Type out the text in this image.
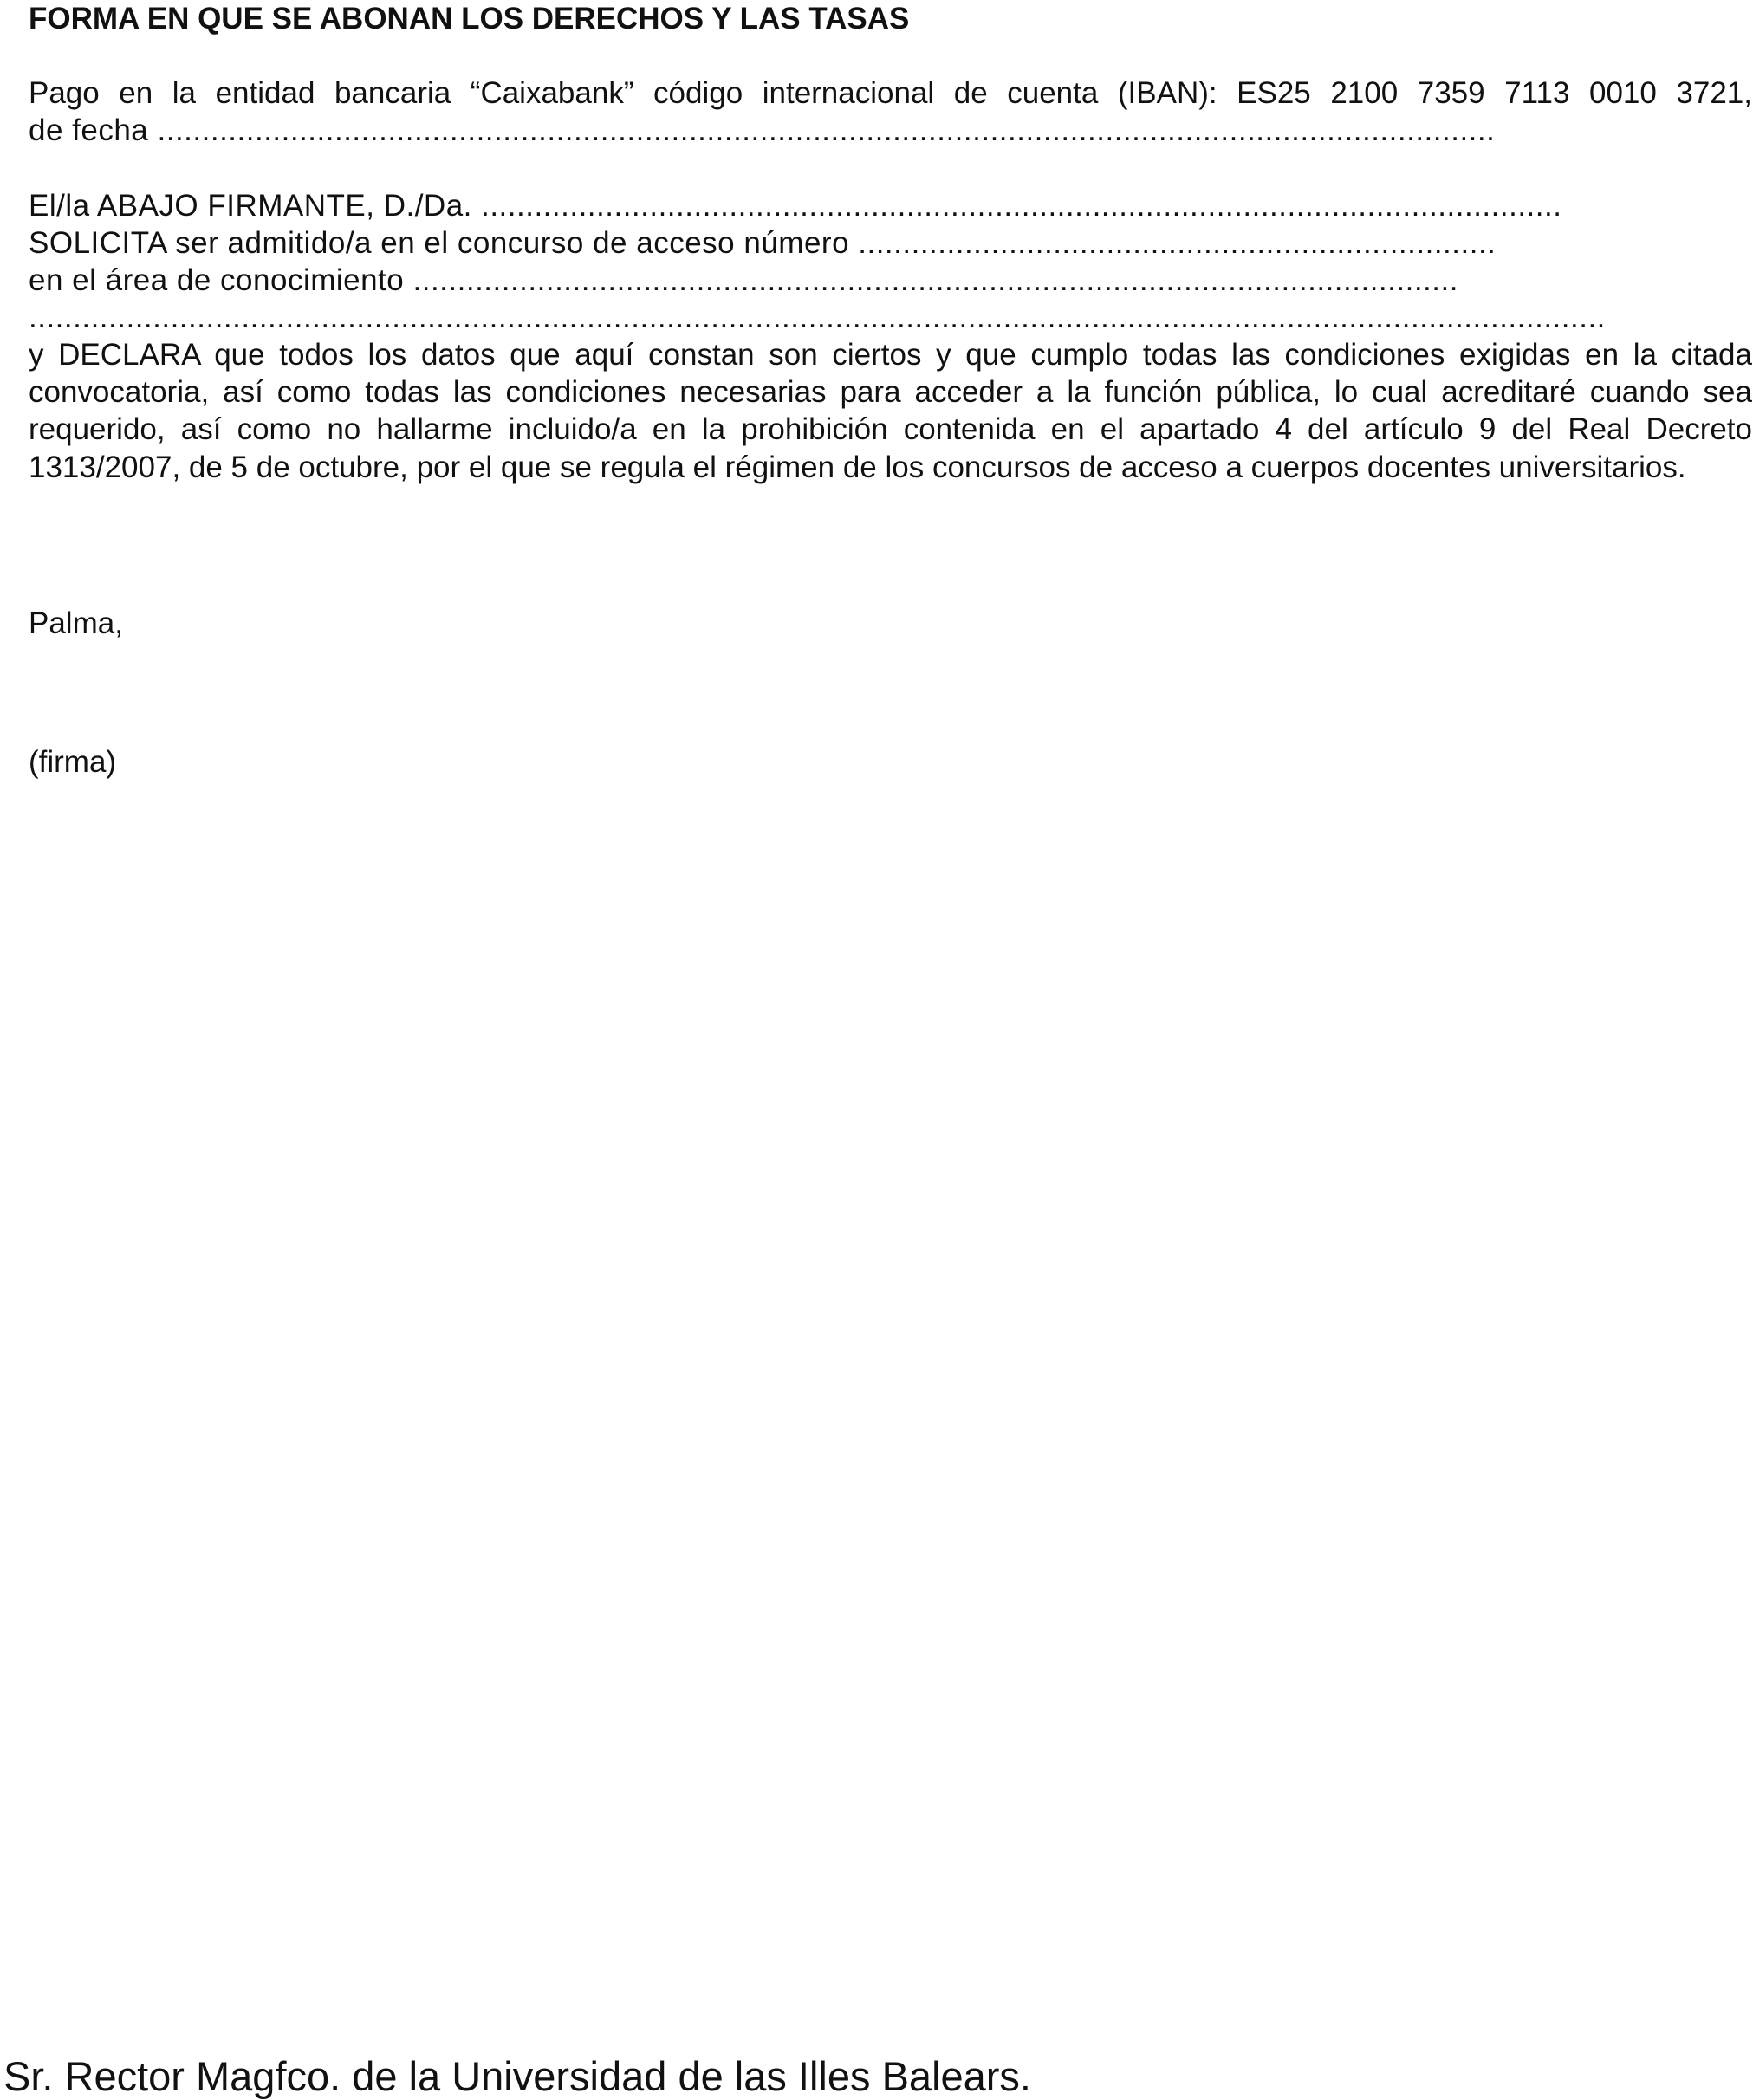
FORMA EN QUE SE ABONAN LOS DERECHOS Y LAS TASAS
Pago en la entidad bancaria “Caixabank” código internacional de cuenta (IBAN): ES25 2100 7359 7113 0010 3721,
de fecha .......................................................................................................................................................
El/la ABAJO FIRMANTE, D./Da. ..........................................................................................................................
SOLICITA ser admitido/a en el concurso de acceso número ........................................................................
en el área de conocimiento ......................................................................................................................
..................................................................................................................................................................................
y DECLARA que todos los datos que aquí constan son ciertos y que cumplo todas las condiciones exigidas en la citada convocatoria, así como todas las condiciones necesarias para acceder a la función pública, lo cual acreditaré cuando sea requerido, así como no hallarme incluido/a en la prohibición contenida en el apartado 4 del artículo 9 del Real Decreto 1313/2007, de 5 de octubre, por el que se regula el régimen de los concursos de acceso a cuerpos docentes universitarios.
Palma,
(firma)
Sr. Rector Magfco. de la Universidad de las Illes Balears.
